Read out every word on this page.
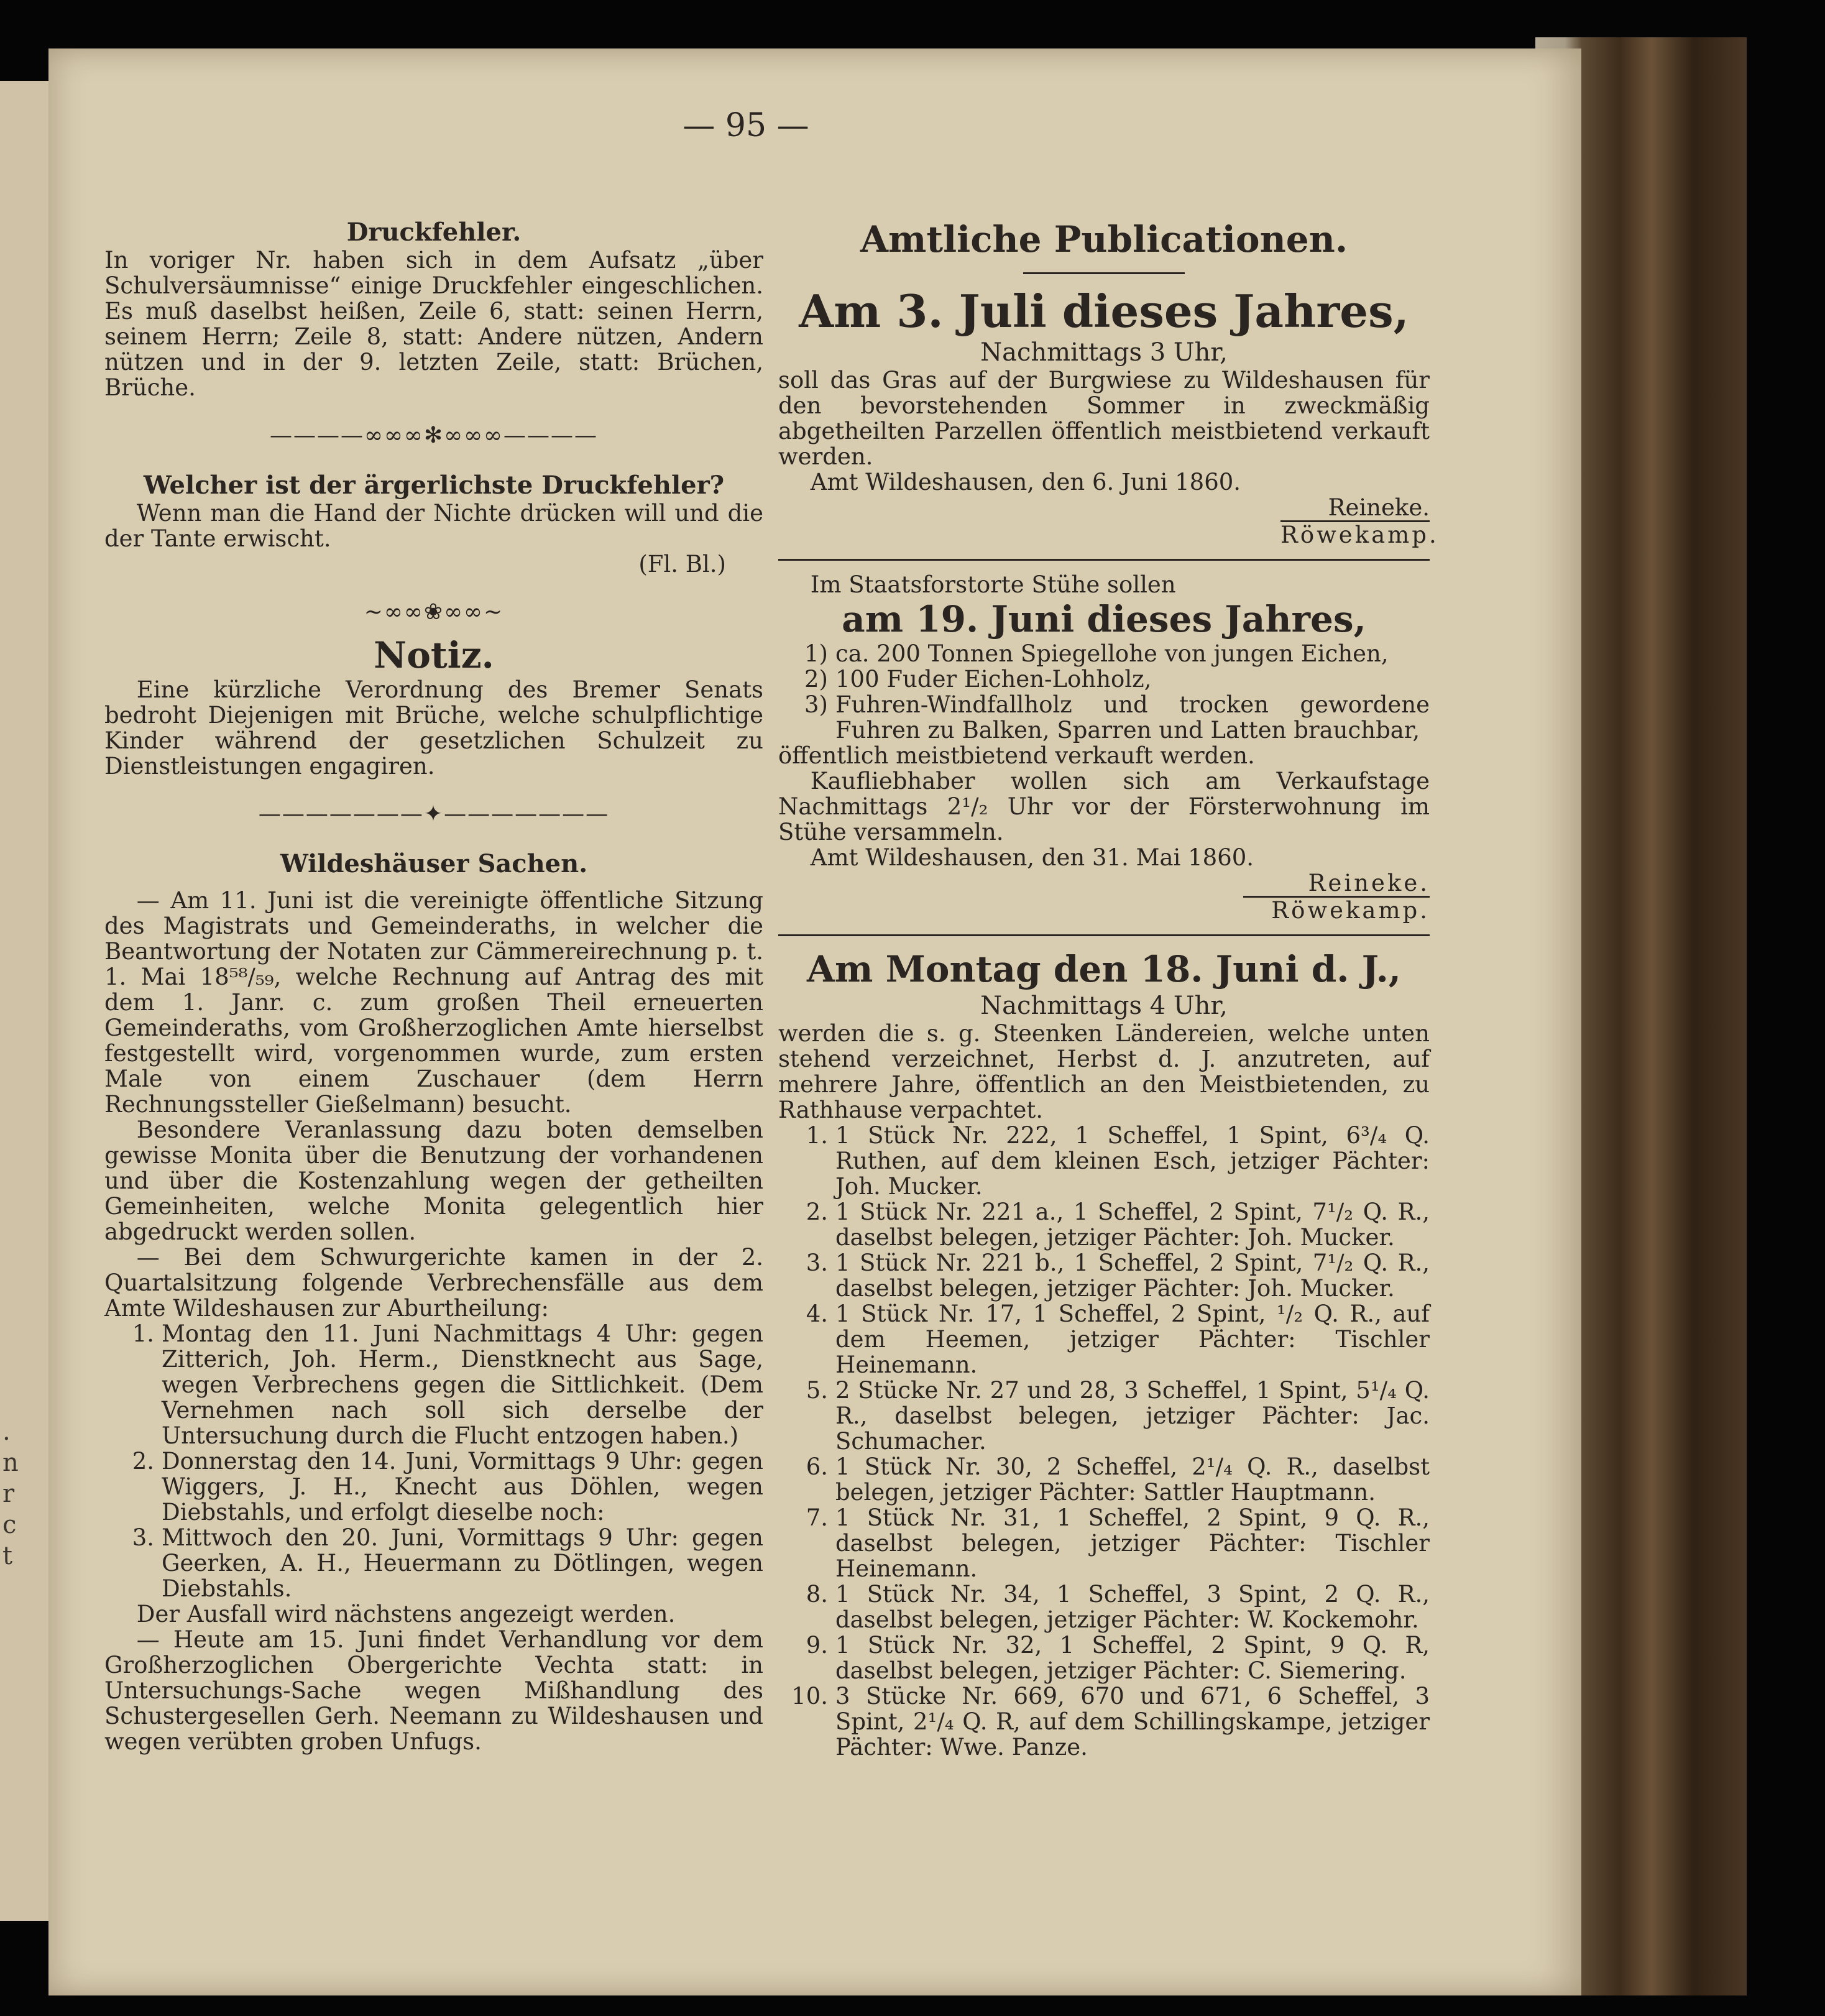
.
n
r
c
t
— 95 —
Druckfehler.
In voriger Nr. haben sich in dem Aufsatz „über Schulversäumnisse“ einige Druckfehler eingeschlichen. Es muß daselbst heißen, Zeile 6, statt: seinen Herrn, seinem Herrn; Zeile 8, statt: Andere nützen, Andern nützen und in der 9. letzten Zeile, statt: Brüchen, Brüche.
————∞∞∞✻∞∞∞————
Welcher ist der ärgerlichste Druckfehler?
Wenn man die Hand der Nichte drücken will und die der Tante erwischt.
(Fl. Bl.)
~∞∞❀∞∞~
Notiz.
Eine kürzliche Verordnung des Bremer Senats bedroht Diejenigen mit Brüche, welche schulpflichtige Kinder während der gesetzlichen Schulzeit zu Dienstleistungen engagiren.
———————✦———————
Wildeshäuser Sachen.
— Am 11. Juni ist die vereinigte öffentliche Sitzung des Magistrats und Gemeinderaths, in welcher die Beantwortung der Notaten zur Cämmereirechnung p. t. 1. Mai 18⁵⁸/₅₉, welche Rechnung auf Antrag des mit dem 1. Janr. c. zum großen Theil erneuerten Gemeinderaths, vom Großherzoglichen Amte hierselbst festgestellt wird, vorgenommen wurde, zum ersten Male von einem Zuschauer (dem Herrn Rechnungssteller Gießelmann) besucht.
Besondere Veranlassung dazu boten demselben gewisse Monita über die Benutzung der vorhandenen und über die Kostenzahlung wegen der getheilten Gemeinheiten, welche Monita gelegentlich hier abgedruckt werden sollen.
— Bei dem Schwurgerichte kamen in der 2. Quartalsitzung folgende Verbrechensfälle aus dem Amte Wildeshausen zur Aburtheilung:
1. Montag den 11. Juni Nachmittags 4 Uhr: gegen Zitterich, Joh. Herm., Dienstknecht aus Sage, wegen Verbrechens gegen die Sittlichkeit. (Dem Vernehmen nach soll sich derselbe der Untersuchung durch die Flucht entzogen haben.)
2. Donnerstag den 14. Juni, Vormittags 9 Uhr: gegen Wiggers, J. H., Knecht aus Döhlen, wegen Diebstahls, und erfolgt dieselbe noch:
3. Mittwoch den 20. Juni, Vormittags 9 Uhr: gegen Geerken, A. H., Heuermann zu Dötlingen, wegen Diebstahls.
Der Ausfall wird nächstens angezeigt werden.
— Heute am 15. Juni findet Verhandlung vor dem Großherzoglichen Obergerichte Vechta statt: in Untersuchungs-Sache wegen Mißhandlung des Schustergesellen Gerh. Neemann zu Wildeshausen und wegen verübten groben Unfugs.
Amtliche Publicationen.
Am 3. Juli dieses Jahres,
Nachmittags 3 Uhr,
soll das Gras auf der Burgwiese zu Wildeshausen für den bevorstehenden Sommer in zweckmäßig abgetheilten Parzellen öffentlich meistbietend verkauft werden.
Amt Wildeshausen, den 6. Juni 1860.
Reineke.
Röwekamp.
Im Staatsforstorte Stühe sollen
am 19. Juni dieses Jahres,
1) ca. 200 Tonnen Spiegellohe von jungen Eichen,
2) 100 Fuder Eichen-Lohholz,
3) Fuhren-Windfallholz und trocken gewordene Fuhren zu Balken, Sparren und Latten brauchbar,
öffentlich meistbietend verkauft werden.
Kaufliebhaber wollen sich am Verkaufstage Nachmittags 2¹/₂ Uhr vor der Försterwohnung im Stühe versammeln.
Amt Wildeshausen, den 31. Mai 1860.
Reineke.
Röwekamp.
Am Montag den 18. Juni d. J.,
Nachmittags 4 Uhr,
werden die s. g. Steenken Ländereien, welche unten stehend verzeichnet, Herbst d. J. anzutreten, auf mehrere Jahre, öffentlich an den Meistbietenden, zu Rathhause verpachtet.
1. 1 Stück Nr. 222, 1 Scheffel, 1 Spint, 6³/₄ Q. Ruthen, auf dem kleinen Esch, jetziger Pächter: Joh. Mucker.
2. 1 Stück Nr. 221 a., 1 Scheffel, 2 Spint, 7¹/₂ Q. R., daselbst belegen, jetziger Pächter: Joh. Mucker.
3. 1 Stück Nr. 221 b., 1 Scheffel, 2 Spint, 7¹/₂ Q. R., daselbst belegen, jetziger Pächter: Joh. Mucker.
4. 1 Stück Nr. 17, 1 Scheffel, 2 Spint, ¹/₂ Q. R., auf dem Heemen, jetziger Pächter: Tischler Heinemann.
5. 2 Stücke Nr. 27 und 28, 3 Scheffel, 1 Spint, 5¹/₄ Q. R., daselbst belegen, jetziger Pächter: Jac. Schumacher.
6. 1 Stück Nr. 30, 2 Scheffel, 2¹/₄ Q. R., daselbst belegen, jetziger Pächter: Sattler Hauptmann.
7. 1 Stück Nr. 31, 1 Scheffel, 2 Spint, 9 Q. R., daselbst belegen, jetziger Pächter: Tischler Heinemann.
8. 1 Stück Nr. 34, 1 Scheffel, 3 Spint, 2 Q. R., daselbst belegen, jetziger Pächter: W. Kockemohr.
9. 1 Stück Nr. 32, 1 Scheffel, 2 Spint, 9 Q. R, daselbst belegen, jetziger Pächter: C. Siemering.
10. 3 Stücke Nr. 669, 670 und 671, 6 Scheffel, 3 Spint, 2¹/₄ Q. R, auf dem Schillingskampe, jetziger Pächter: Wwe. Panze.
